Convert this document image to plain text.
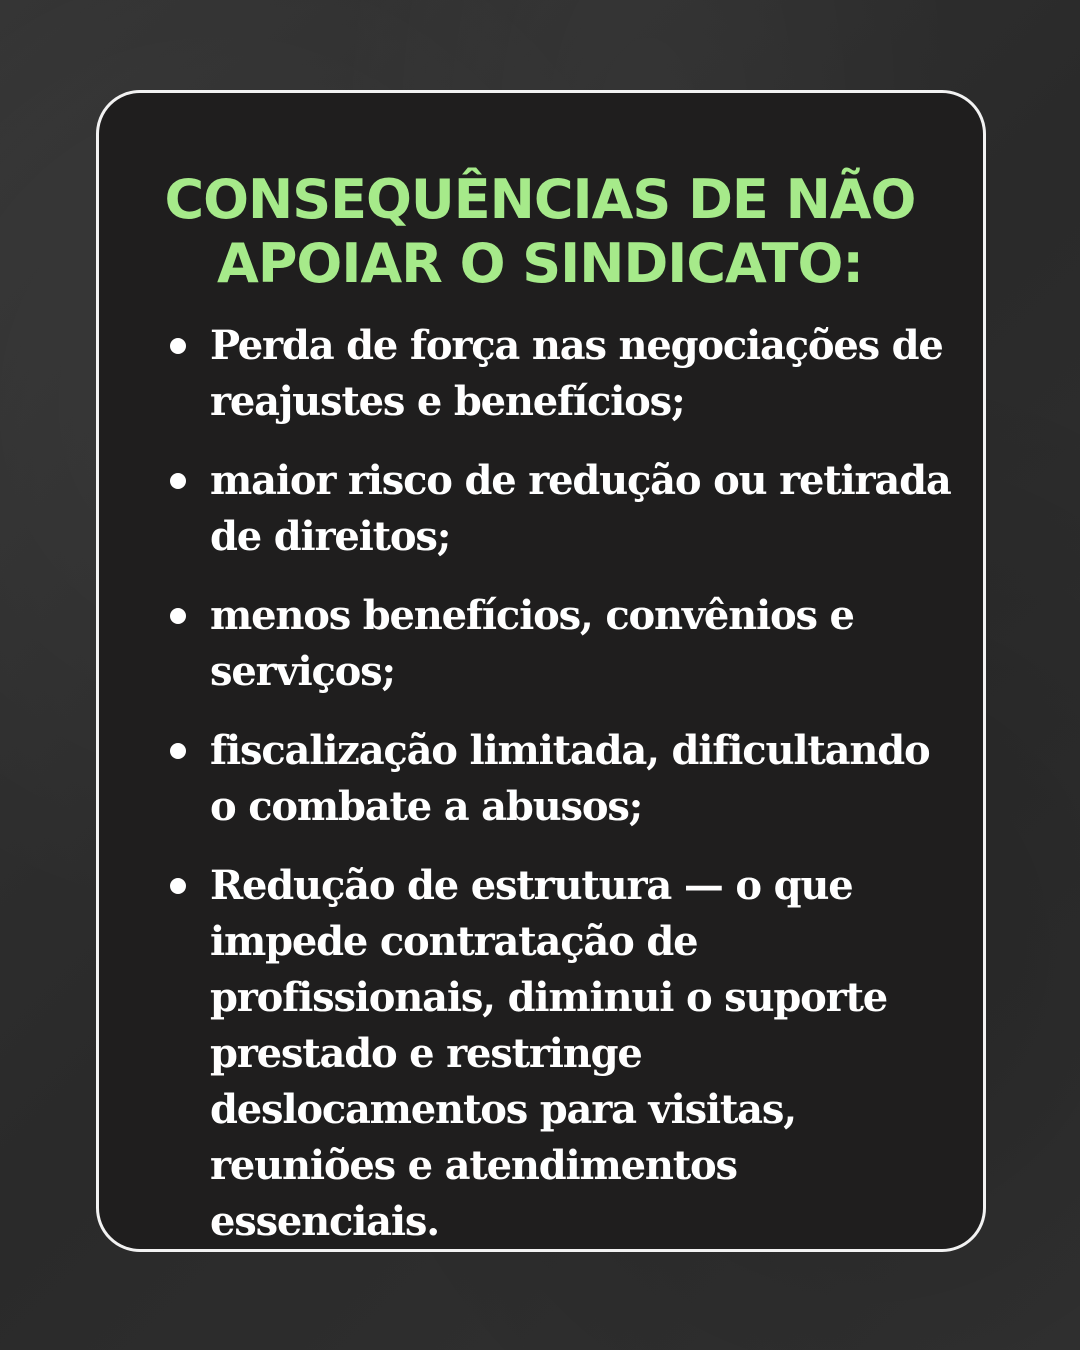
CONSEQUÊNCIAS DE NÃO
APOIAR O SINDICATO:
Perda de força nas negociações de reajustes e benefícios;
maior risco de redução ou retirada de direitos;
menos benefícios, convênios e serviços;
fiscalização limitada, dificultando o combate a abusos;
Redução de estrutura — o que impede contratação de profissionais, diminui o suporte prestado e restringe deslocamentos para visitas, reuniões e atendimentos essenciais.
